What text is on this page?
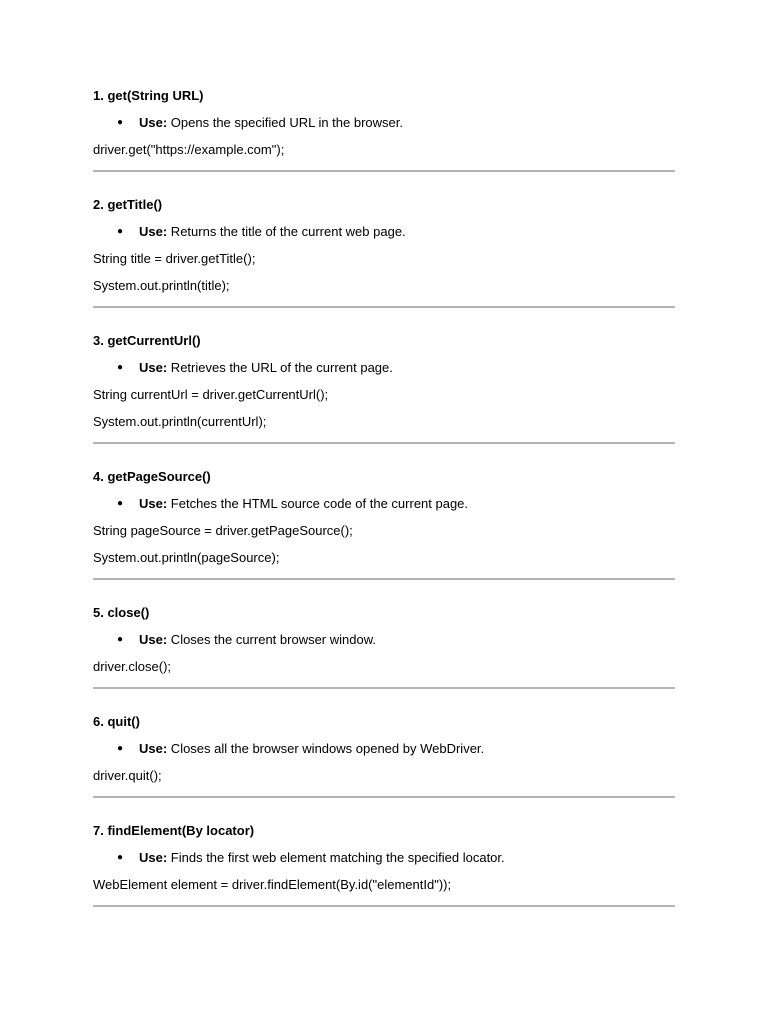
1. get(String URL)
● Use: Opens the specified URL in the browser.
driver.get("https://example.com");
2. getTitle()
● Use: Returns the title of the current web page.
String title = driver.getTitle();
System.out.println(title);
3. getCurrentUrl()
● Use: Retrieves the URL of the current page.
String currentUrl = driver.getCurrentUrl();
System.out.println(currentUrl);
4. getPageSource()
● Use: Fetches the HTML source code of the current page.
String pageSource = driver.getPageSource();
System.out.println(pageSource);
5. close()
● Use: Closes the current browser window.
driver.close();
6. quit()
● Use: Closes all the browser windows opened by WebDriver.
driver.quit();
7. findElement(By locator)
● Use: Finds the first web element matching the specified locator.
WebElement element = driver.findElement(By.id("elementId"));
